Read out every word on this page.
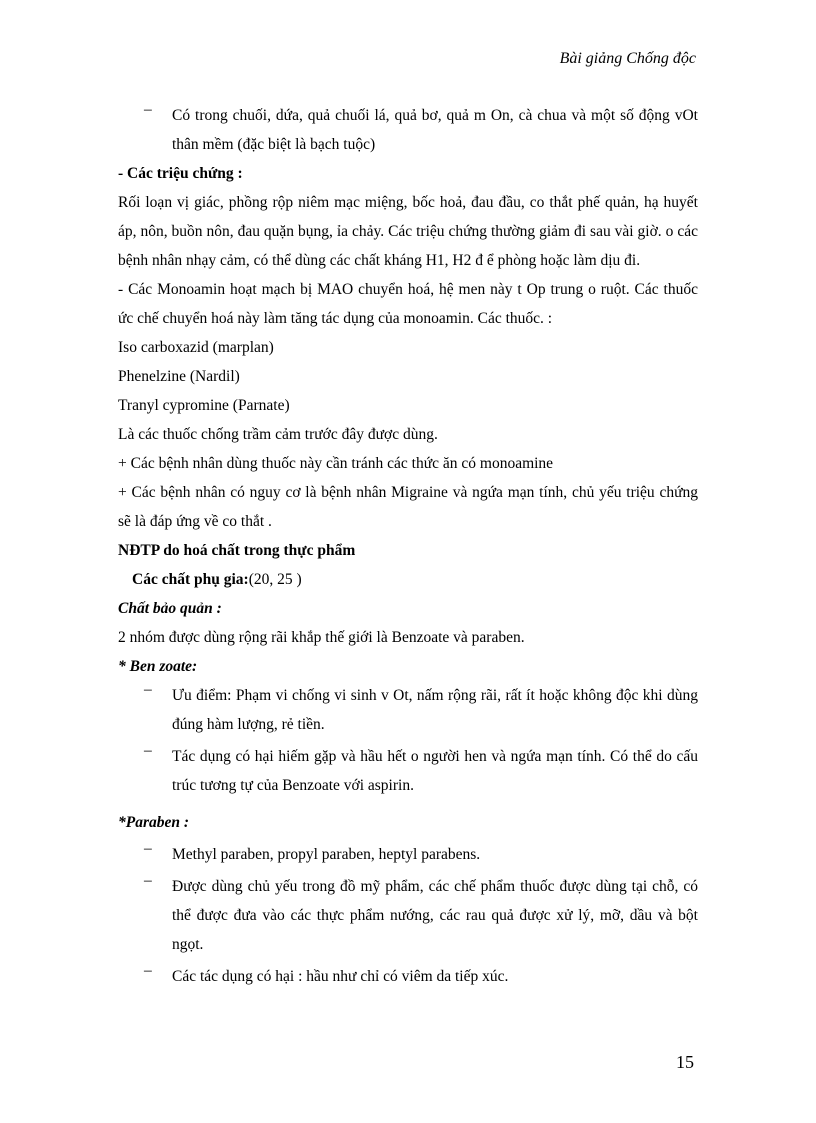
Bài giảng Chống độc
–	Có trong chuối, dứa, quả chuối lá, quả bơ, quả m On, cà chua và một số động vOt thân mềm (đặc biệt là bạch tuộc)

- Các triệu chứng :

Rối loạn vị giác, phồng rộp niêm mạc miệng, bốc hoả, đau đầu, co thắt phế quản, hạ huyết áp, nôn, buồn nôn, đau quặn bụng, ỉa chảy. Các triệu chứng thường giảm đi sau vài giờ. o các bệnh nhân nhạy cảm, có thể dùng các chất kháng H1, H2 đ ể phòng hoặc làm dịu đi.

- Các Monoamin hoạt mạch bị MAO chuyển hoá, hệ men này t Op trung o ruột. Các thuốc ức chế chuyển hoá này làm tăng tác dụng của monoamin. Các thuốc. :

Iso carboxazid (marplan)

Phenelzine (Nardil)

Tranyl cypromine (Parnate)

Là các thuốc chống trầm cảm trước đây được dùng.

+ Các bệnh nhân dùng thuốc này cần tránh các thức ăn có monoamine

+ Các bệnh nhân có nguy cơ là bệnh nhân Migraine và ngứa mạn tính, chủ yếu triệu chứng sẽ là đáp ứng về co thắt .

NĐTP do hoá chất trong thực phẩm

Các chất phụ gia:(20, 25 )

Chất bảo quản :

2 nhóm được dùng rộng rãi khắp thế giới là Benzoate và paraben.

* Ben zoate:

–	Ưu điểm: Phạm vi chống vi sinh v Ot, nấm rộng rãi, rất ít hoặc không độc khi dùng đúng hàm lượng, rẻ tiền.
–	Tác dụng có hại hiếm gặp và hầu hết o người hen và ngứa mạn tính. Có thể do cấu trúc tương tự của Benzoate với aspirin.

*Paraben :

–	Methyl paraben, propyl paraben, heptyl parabens.
–	Được dùng chủ yếu trong đồ mỹ phẩm, các chế phẩm thuốc được dùng tại chỗ, có thể được đưa vào các thực phẩm nướng, các rau quả được xử lý, mỡ, dầu và bột ngọt.
–	Các tác dụng có hại : hầu như chỉ có viêm da tiếp xúc.
15
